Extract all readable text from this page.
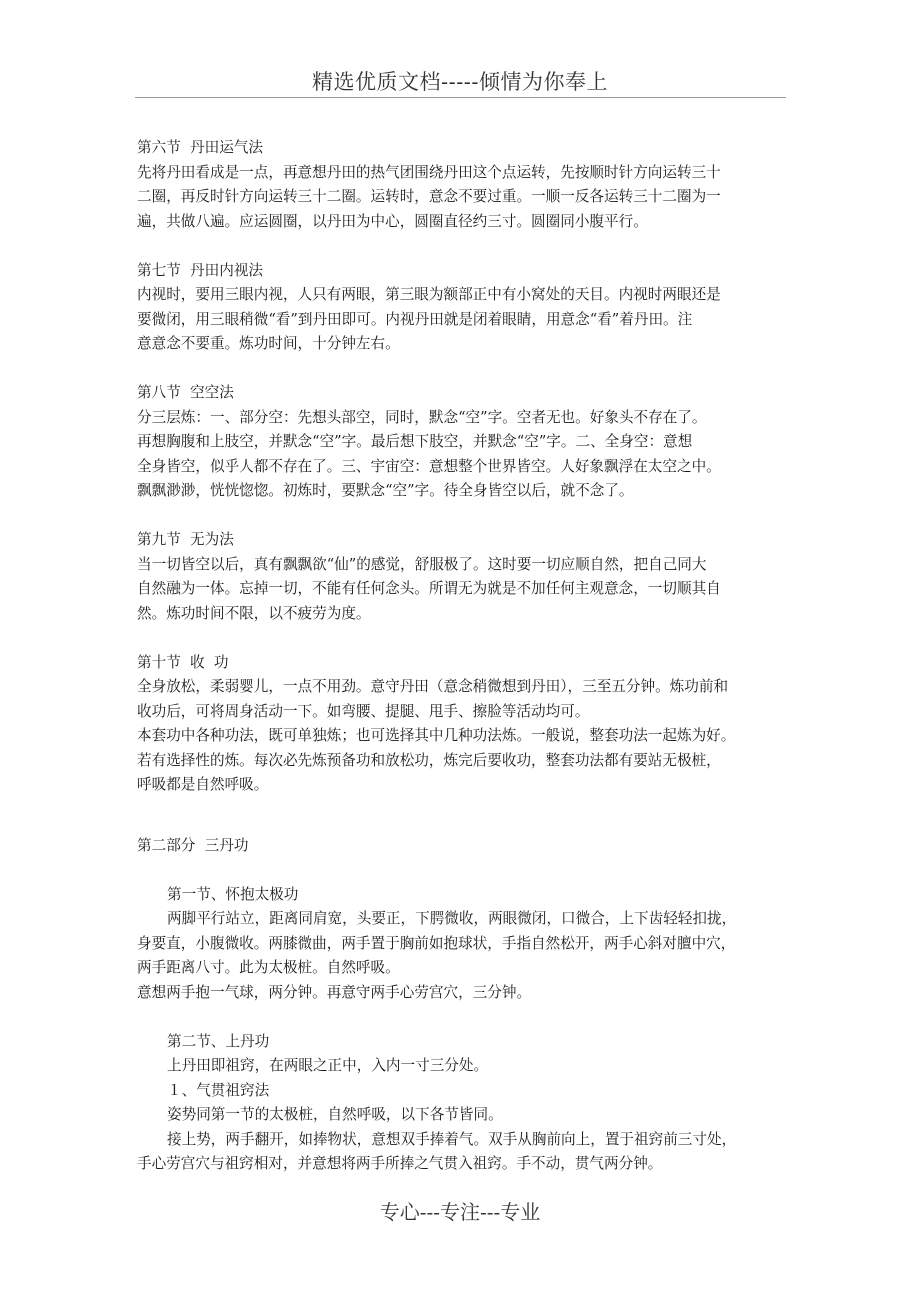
精选优质文档-----倾情为你奉上
第六节  丹田运气法
先将丹田看成是一点，再意想丹田的热气团围绕丹田这个点运转，先按顺时针方向运转三十
二圈，再反时针方向运转三十二圈。运转时，意念不要过重。一顺一反各运转三十二圈为一
遍，共做八遍。应运圆圈，以丹田为中心，圆圈直径约三寸。圆圈同小腹平行。
第七节  丹田内视法
内视时，要用三眼内视，人只有两眼，第三眼为额部正中有小窝处的天目。内视时两眼还是
要微闭，用三眼稍微“看”到丹田即可。内视丹田就是闭着眼睛，用意念“看”着丹田。注
意意念不要重。炼功时间，十分钟左右。
第八节  空空法
分三层炼：一、部分空：先想头部空，同时，默念“空”字。空者无也。好象头不存在了。
再想胸腹和上肢空，并默念“空”字。最后想下肢空，并默念“空”字。二、全身空：意想
全身皆空，似乎人都不存在了。三、宇宙空：意想整个世界皆空。人好象飘浮在太空之中。
飘飘渺渺，恍恍惚惚。初炼时，要默念“空”字。待全身皆空以后，就不念了。
第九节  无为法
当一切皆空以后，真有飘飘欲“仙”的感觉，舒服极了。这时要一切应顺自然，把自己同大
自然融为一体。忘掉一切，不能有任何念头。所谓无为就是不加任何主观意念，一切顺其自
然。炼功时间不限，以不疲劳为度。
第十节  收  功
全身放松，柔弱婴儿，一点不用劲。意守丹田（意念稍微想到丹田），三至五分钟。炼功前和
收功后，可将周身活动一下。如弯腰、提腿、甩手、擦脸等活动均可。
本套功中各种功法，既可单独炼；也可选择其中几种功法炼。一般说，整套功法一起炼为好。
若有选择性的炼。每次必先炼预备功和放松功，炼完后要收功，整套功法都有要站无极桩，
呼吸都是自然呼吸。
第二部分  三丹功
第一节、怀抱太极功
两脚平行站立，距离同肩宽，头要正，下腭微收，两眼微闭，口微合，上下齿轻轻扣拢，
身要直，小腹微收。两膝微曲，两手置于胸前如抱球状，手指自然松开，两手心斜对膻中穴，
两手距离八寸。此为太极桩。自然呼吸。
意想两手抱一气球，两分钟。再意守两手心劳宫穴，三分钟。
第二节、上丹功
上丹田即祖窍，在两眼之正中，入内一寸三分处。
１、气贯祖窍法
姿势同第一节的太极桩，自然呼吸，以下各节皆同。
接上势，两手翻开，如捧物状，意想双手捧着气。双手从胸前向上，置于祖窍前三寸处，
手心劳宫穴与祖窍相对，并意想将两手所捧之气贯入祖窍。手不动，贯气两分钟。
专心---专注---专业
